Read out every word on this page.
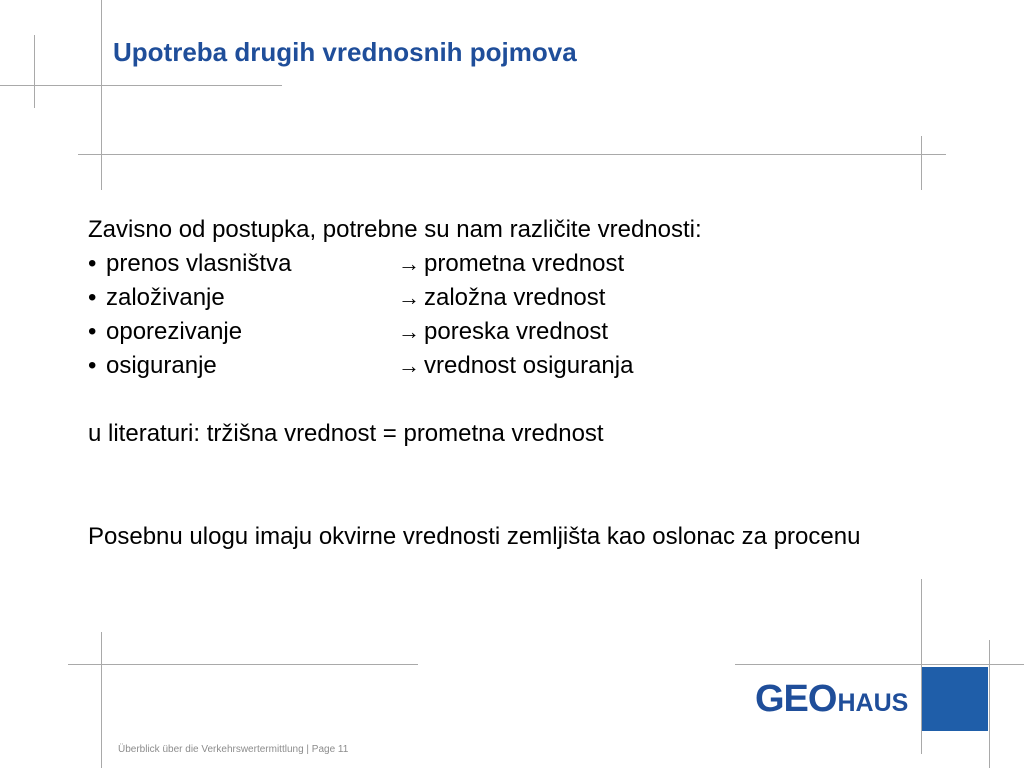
Upotreba drugih vrednosnih pojmova
Zavisno od postupka, potrebne su nam različite vrednosti:
• prenos vlasništva	→ prometna vrednost
• založivanje	→ založna vrednost
• oporezivanje	→ poreska vrednost
• osiguranje	→ vrednost osiguranja
u literaturi: tržišna vrednost = prometna vrednost
Posebnu ulogu imaju okvirne vrednosti zemljišta kao oslonac za procenu
GEO HAUS
Überblick über die Verkehrswertermittlung | Page 11
